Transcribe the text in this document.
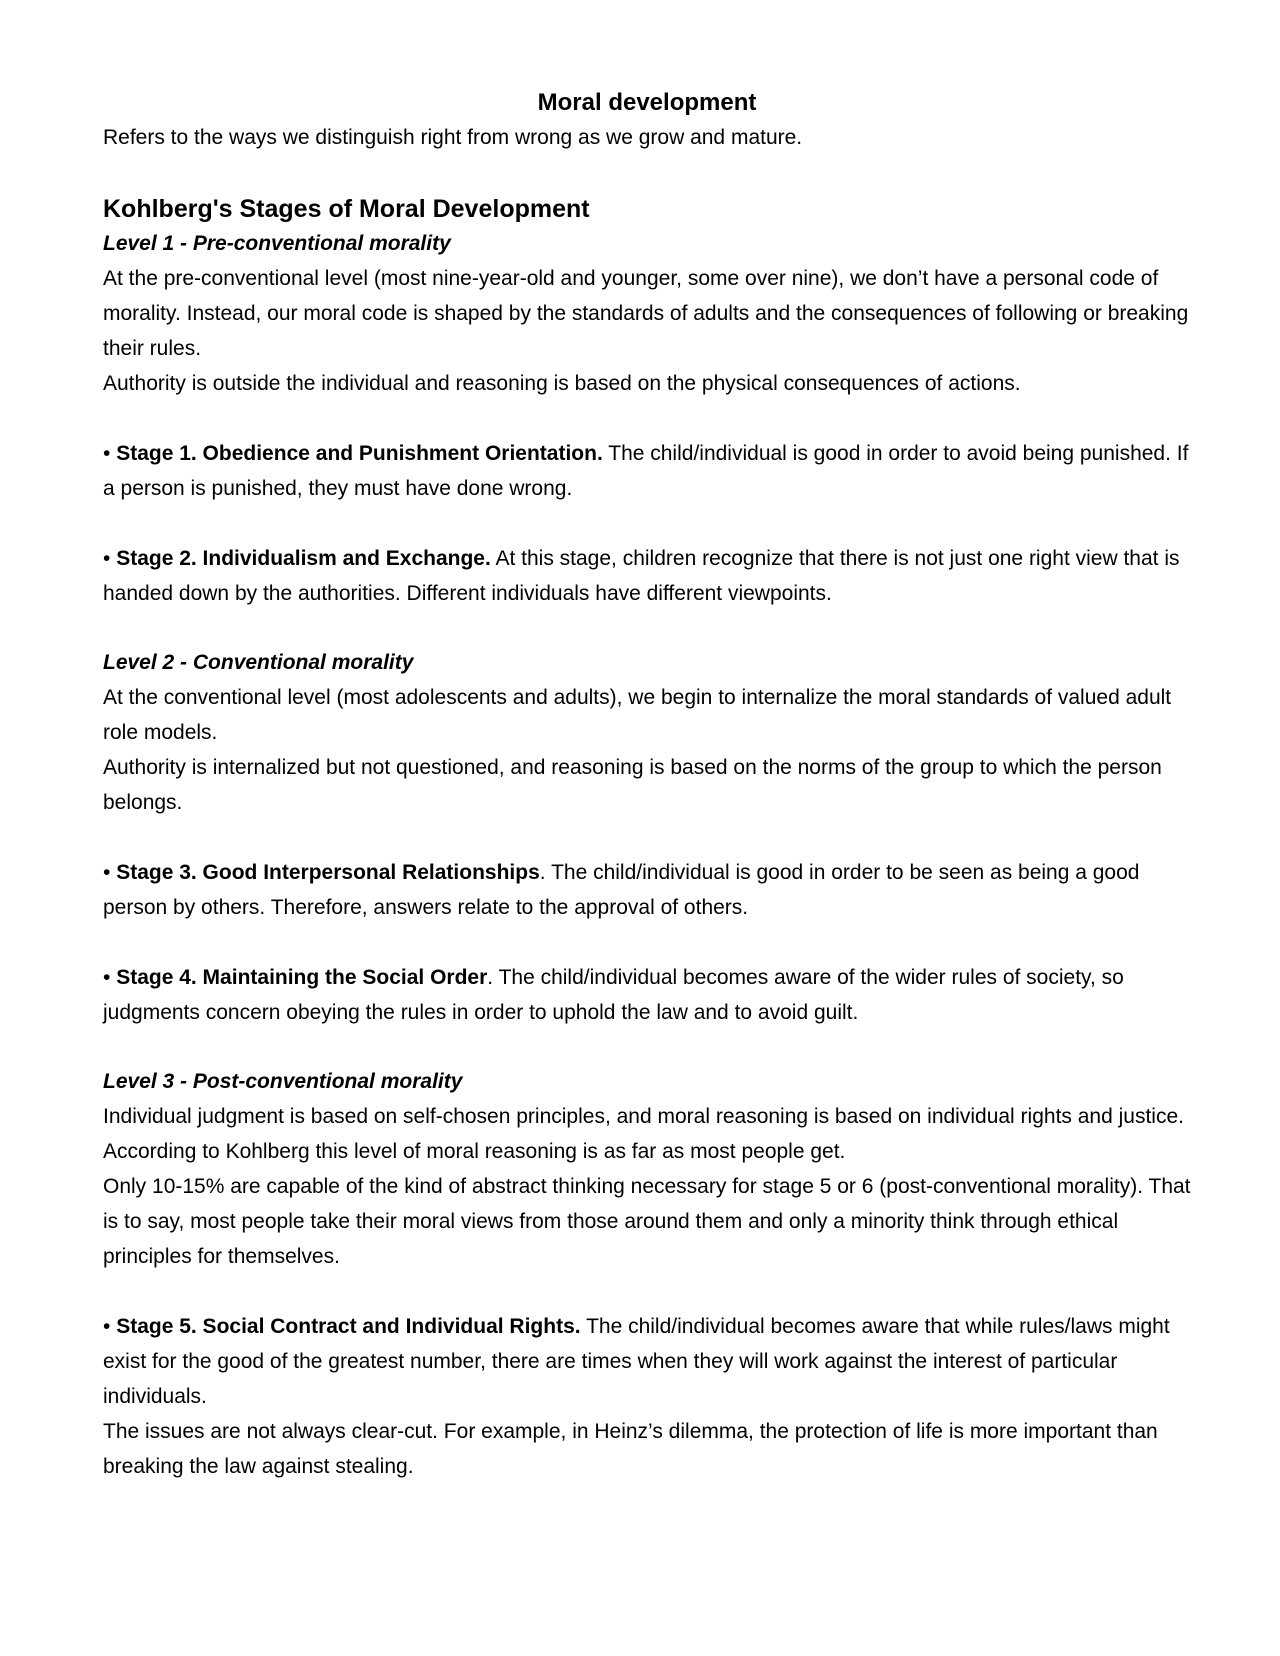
Moral development

Refers to the ways we distinguish right from wrong as we grow and mature.

Kohlberg's Stages of Moral Development
Level 1 - Pre-conventional morality

At the pre-conventional level (most nine-year-old and younger, some over nine), we don’t have a personal code of morality. Instead, our moral code is shaped by the standards of adults and the consequences of following or breaking their rules.

Authority is outside the individual and reasoning is based on the physical consequences of actions.

• Stage 1. Obedience and Punishment Orientation. The child/individual is good in order to avoid being punished. If a person is punished, they must have done wrong.

• Stage 2. Individualism and Exchange. At this stage, children recognize that there is not just one right view that is handed down by the authorities. Different individuals have different viewpoints.

Level 2 - Conventional morality

At the conventional level (most adolescents and adults), we begin to internalize the moral standards of valued adult role models.

Authority is internalized but not questioned, and reasoning is based on the norms of the group to which the person belongs.

• Stage 3. Good Interpersonal Relationships. The child/individual is good in order to be seen as being a good person by others. Therefore, answers relate to the approval of others.

• Stage 4. Maintaining the Social Order. The child/individual becomes aware of the wider rules of society, so judgments concern obeying the rules in order to uphold the law and to avoid guilt.

Level 3 - Post-conventional morality

Individual judgment is based on self-chosen principles, and moral reasoning is based on individual rights and justice. According to Kohlberg this level of moral reasoning is as far as most people get.

Only 10-15% are capable of the kind of abstract thinking necessary for stage 5 or 6 (post-conventional morality). That is to say, most people take their moral views from those around them and only a minority think through ethical principles for themselves.

• Stage 5. Social Contract and Individual Rights. The child/individual becomes aware that while rules/laws might exist for the good of the greatest number, there are times when they will work against the interest of particular individuals.

The issues are not always clear-cut. For example, in Heinz’s dilemma, the protection of life is more important than breaking the law against stealing.
